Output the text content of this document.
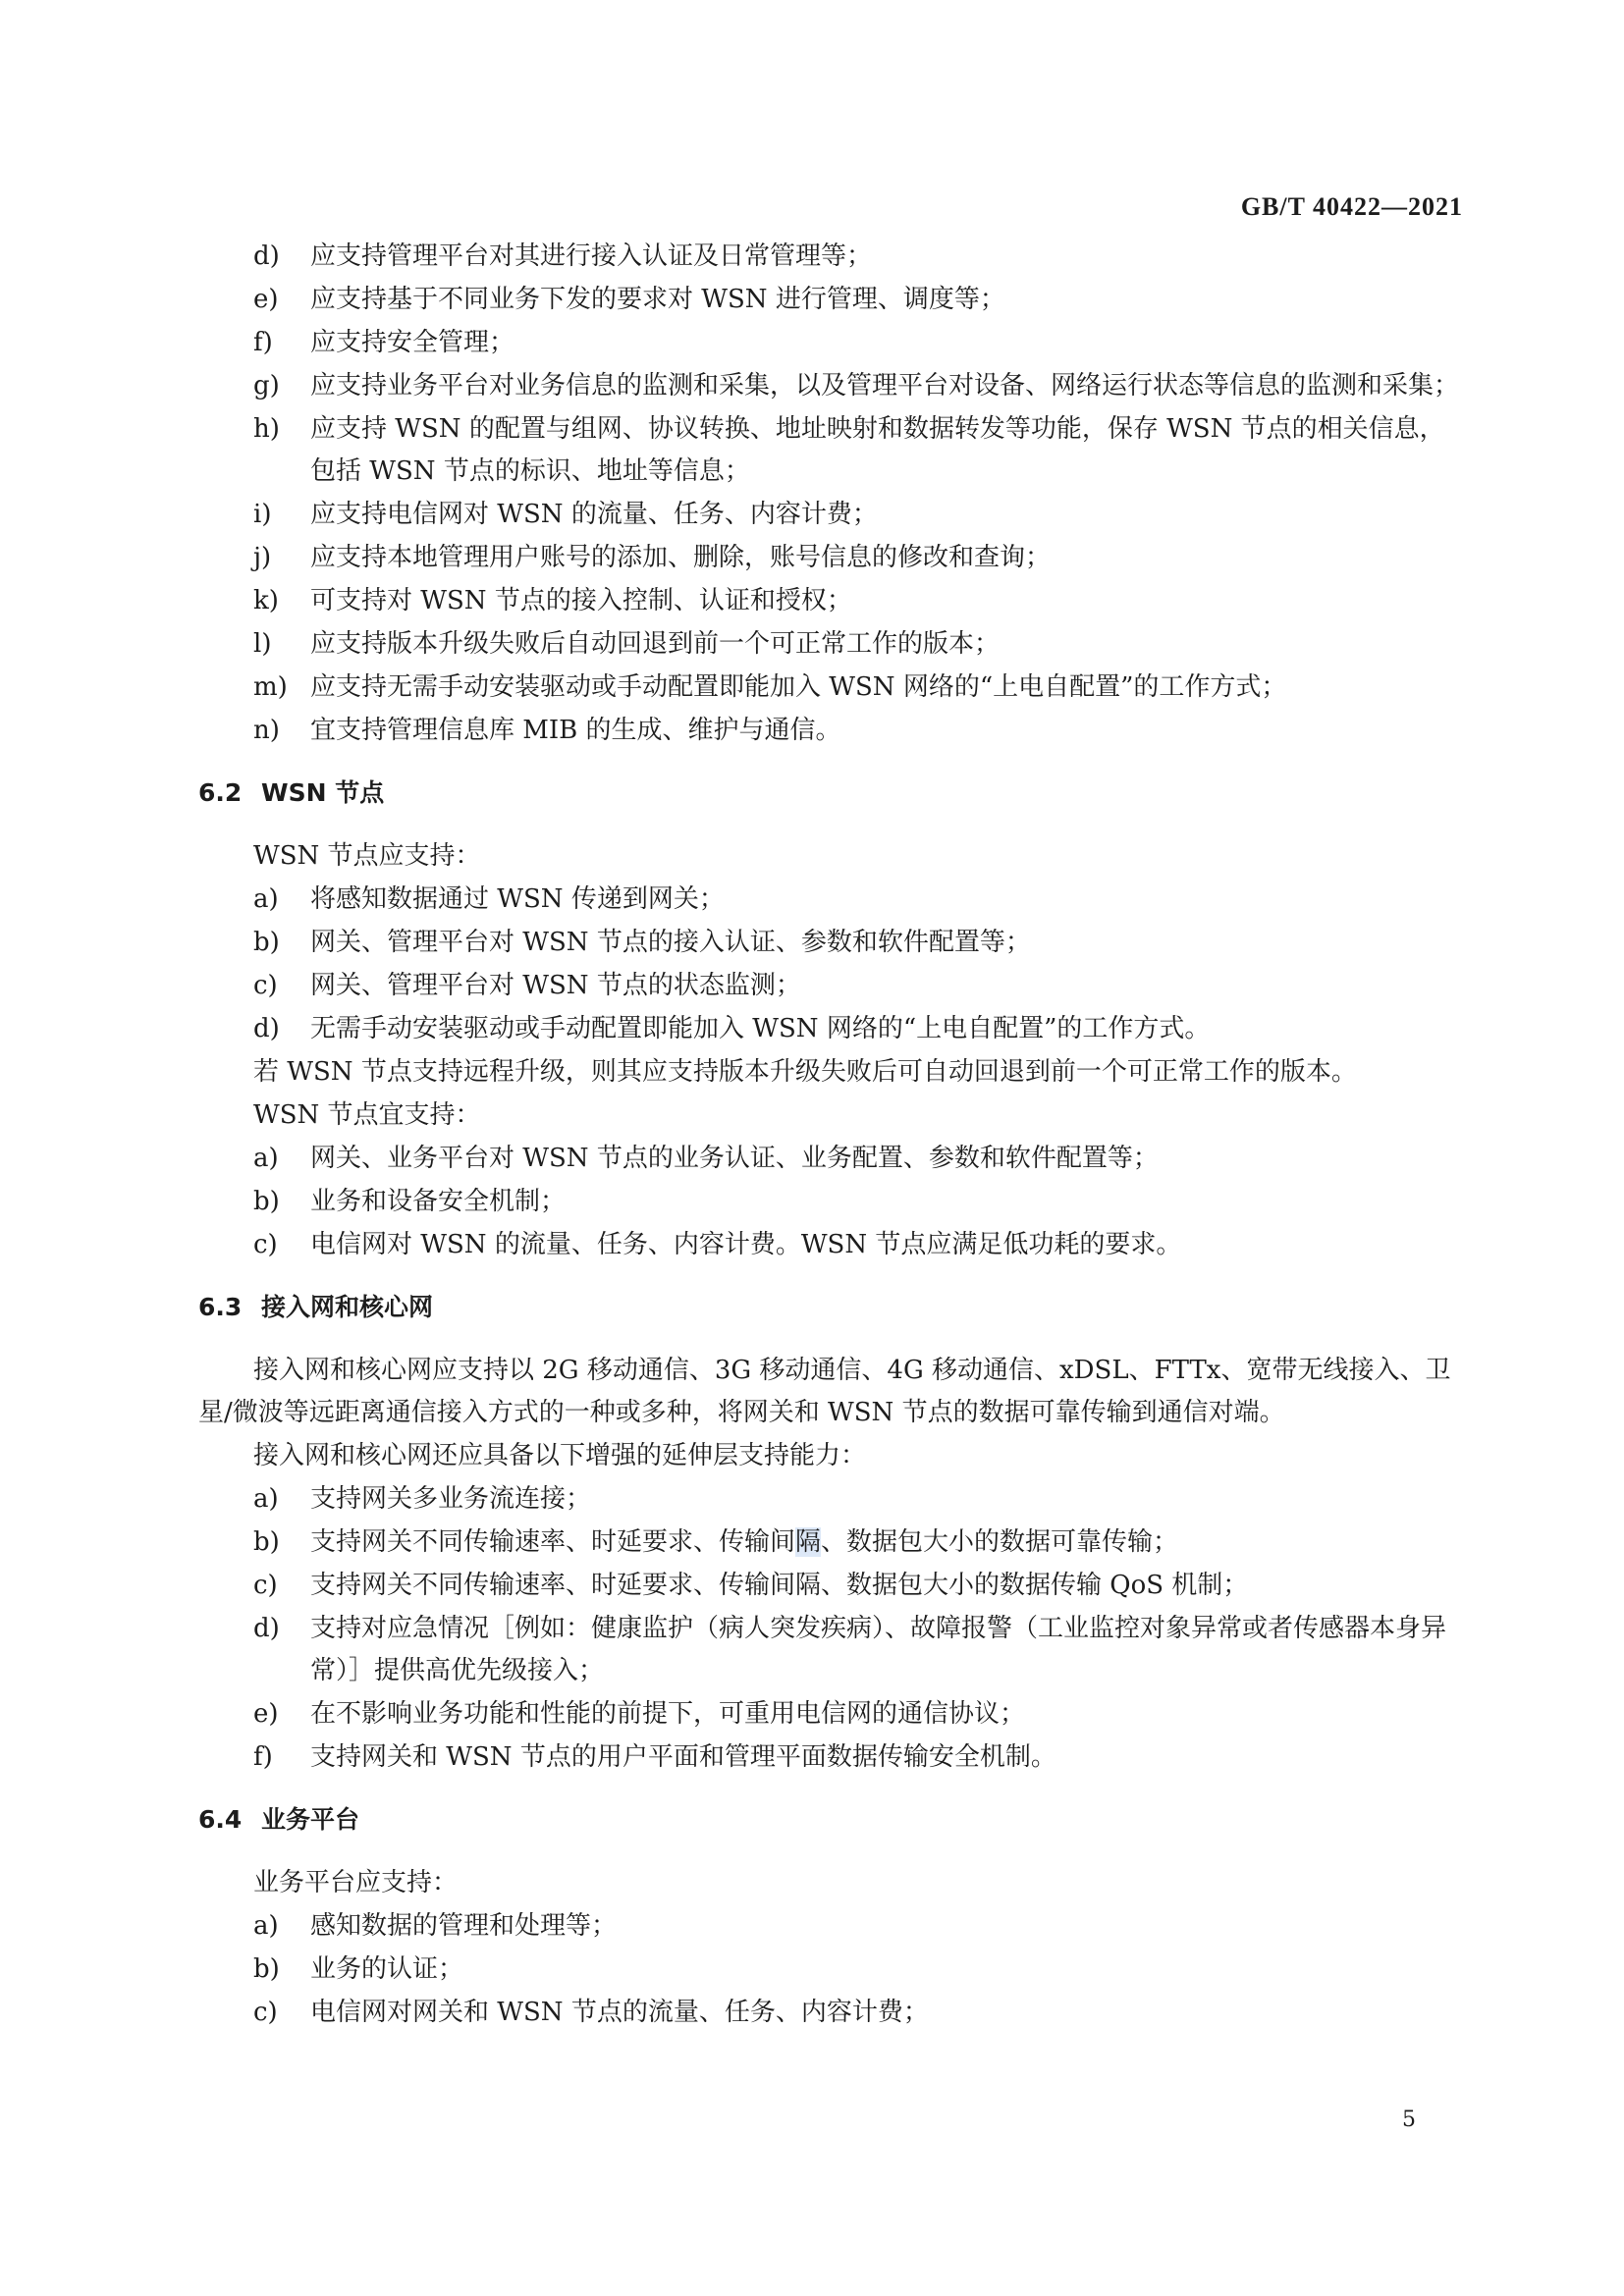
GB/T 40422—2021
d) 应支持管理平台对其进行接入认证及日常管理等；
e) 应支持基于不同业务下发的要求对 WSN 进行管理、调度等；
f) 应支持安全管理；
g) 应支持业务平台对业务信息的监测和采集，以及管理平台对设备、网络运行状态等信息的监测和采集；
h) 应支持 WSN 的配置与组网、协议转换、地址映射和数据转发等功能，保存 WSN 节点的相关信息，包括 WSN 节点的标识、地址等信息；
i) 应支持电信网对 WSN 的流量、任务、内容计费；
j) 应支持本地管理用户账号的添加、删除，账号信息的修改和查询；
k) 可支持对 WSN 节点的接入控制、认证和授权；
l) 应支持版本升级失败后自动回退到前一个可正常工作的版本；
m) 应支持无需手动安装驱动或手动配置即能加入 WSN 网络的“上电自配置”的工作方式；
n) 宜支持管理信息库 MIB 的生成、维护与通信。
6.2 WSN 节点
WSN 节点应支持：
a) 将感知数据通过 WSN 传递到网关；
b) 网关、管理平台对 WSN 节点的接入认证、参数和软件配置等；
c) 网关、管理平台对 WSN 节点的状态监测；
d) 无需手动安装驱动或手动配置即能加入 WSN 网络的“上电自配置”的工作方式。
若 WSN 节点支持远程升级，则其应支持版本升级失败后可自动回退到前一个可正常工作的版本。
WSN 节点宜支持：
a) 网关、业务平台对 WSN 节点的业务认证、业务配置、参数和软件配置等；
b) 业务和设备安全机制；
c) 电信网对 WSN 的流量、任务、内容计费。WSN 节点应满足低功耗的要求。
6.3 接入网和核心网
接入网和核心网应支持以 2G 移动通信、3G 移动通信、4G 移动通信、xDSL、FTTx、宽带无线接入、卫星/微波等远距离通信接入方式的一种或多种，将网关和 WSN 节点的数据可靠传输到通信对端。
接入网和核心网还应具备以下增强的延伸层支持能力：
a) 支持网关多业务流连接；
b) 支持网关不同传输速率、时延要求、传输间隔、数据包大小的数据可靠传输；
c) 支持网关不同传输速率、时延要求、传输间隔、数据包大小的数据传输 QoS 机制；
d) 支持对应急情况［例如：健康监护（病人突发疾病）、故障报警（工业监控对象异常或者传感器本身异常）］提供高优先级接入；
e) 在不影响业务功能和性能的前提下，可重用电信网的通信协议；
f) 支持网关和 WSN 节点的用户平面和管理平面数据传输安全机制。
6.4 业务平台
业务平台应支持：
a) 感知数据的管理和处理等；
b) 业务的认证；
c) 电信网对网关和 WSN 节点的流量、任务、内容计费；
5
